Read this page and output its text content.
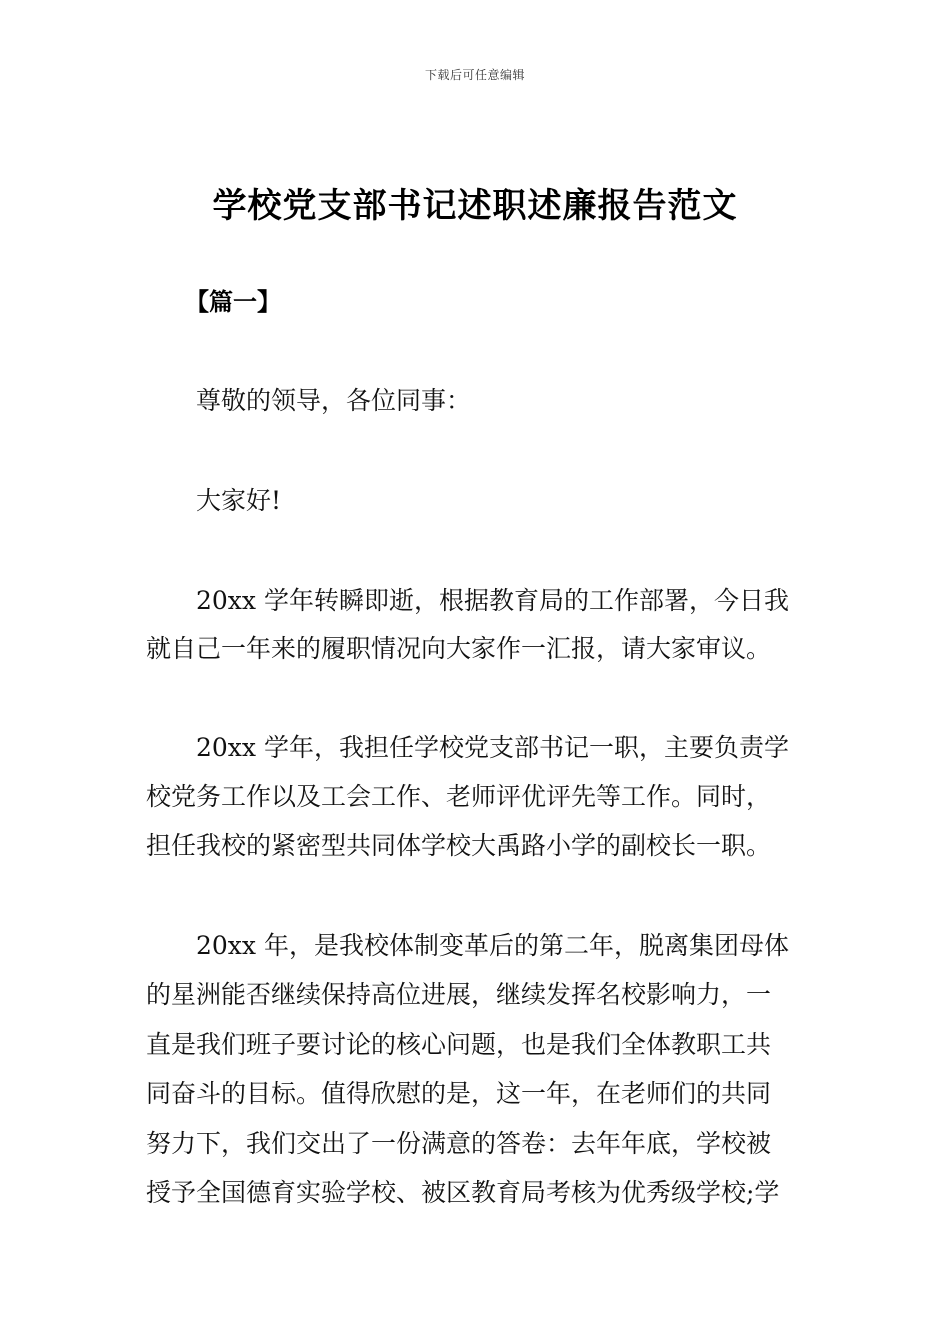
下载后可任意编辑
学校党支部书记述职述廉报告范文
【篇一】
尊敬的领导，各位同事：
大家好!
20xx 学年转瞬即逝，根据教育局的工作部署，今日我
就自己一年来的履职情况向大家作一汇报，请大家审议。
20xx 学年，我担任学校党支部书记一职，主要负责学
校党务工作以及工会工作、老师评优评先等工作。同时，
担任我校的紧密型共同体学校大禹路小学的副校长一职。
20xx 年，是我校体制变革后的第二年，脱离集团母体
的星洲能否继续保持高位进展，继续发挥名校影响力，一
直是我们班子要讨论的核心问题，也是我们全体教职工共
同奋斗的目标。值得欣慰的是，这一年，在老师们的共同
努力下，我们交出了一份满意的答卷：去年年底，学校被
授予全国德育实验学校、被区教育局考核为优秀级学校;学
